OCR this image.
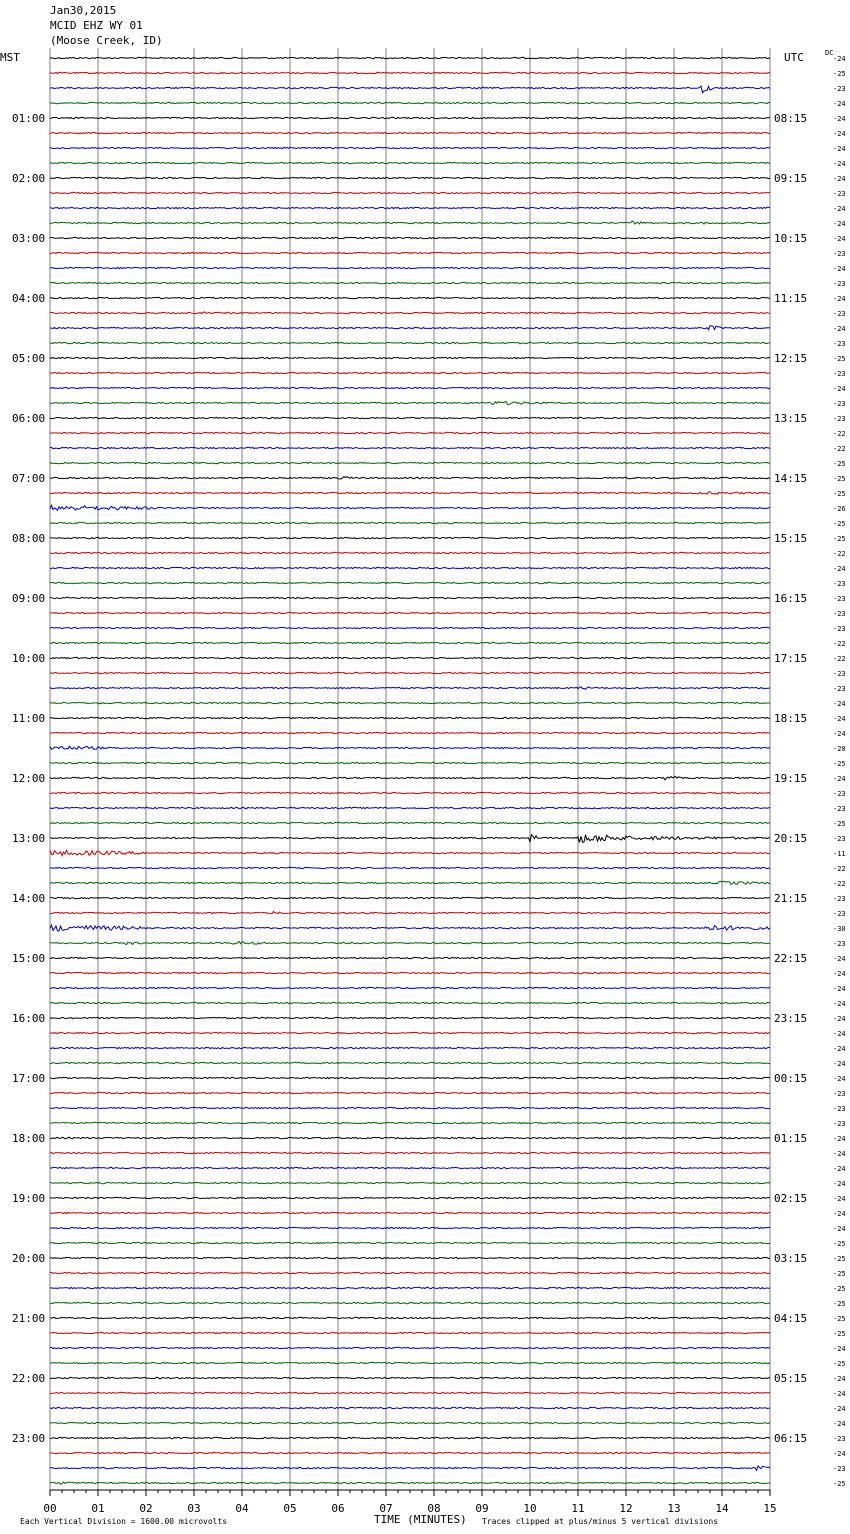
Jan30,2015
MCID EHZ WY 01
(Moose Creek, ID)
-24
-25
-23
-24
-24
-24
-24
-24
-24
-23
-24
-24
-24
-23
-24
-23
-24
-23
-24
-23
-25
-23
-24
-23
-23
-22
-22
-25
-25
-25
-26
-25
-25
-22
-24
-23
-23
-23
-23
-22
-22
-23
-23
-24
-24
-24
-20
-25
-24
-23
-23
-25
-23
-11
-22
-22
-23
-23
-30
-23
-24
-24
-24
-24
-24
-24
-24
-24
-24
-23
-23
-23
-24
-24
-24
-24
-24
-24
-24
-25
-25
-25
-25
-25
-25
-25
-24
-25
-24
-24
-24
-24
-23
-24
-23
-25
01:00
02:00
03:00
04:00
05:00
06:00
07:00
08:00
09:00
10:00
11:00
12:00
13:00
14:00
15:00
16:00
17:00
18:00
19:00
20:00
21:00
22:00
23:00
08:15
09:15
10:15
11:15
12:15
13:15
14:15
15:15
16:15
17:15
18:15
19:15
20:15
21:15
22:15
23:15
00:15
01:15
02:15
03:15
04:15
05:15
06:15
MST	UTC	DC
00	01	02	03	04	05	06	07	08	09	10	11	12	13	14	15
Each Vertical Division = 1600.00 microvolts	TIME (MINUTES) Traces clipped at plus/minus 5 vertical divisions
